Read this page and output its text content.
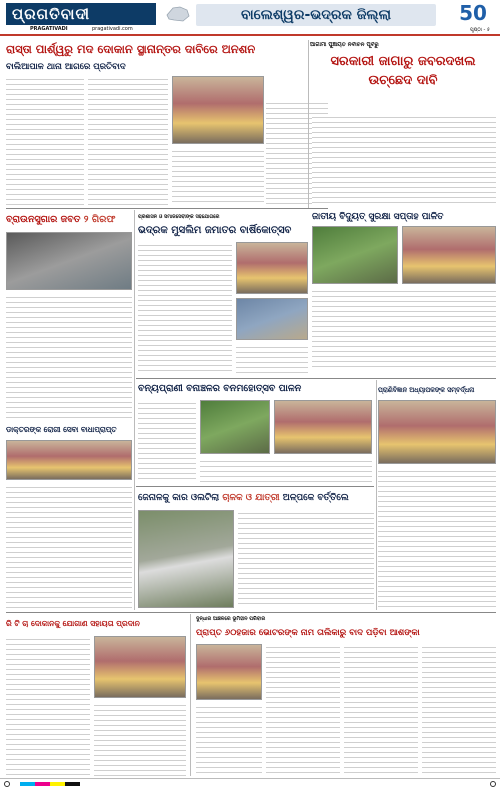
ପ୍ରଗତିବାଦୀ
PRAGATIVADI	pragativadi.com
ବାଲେଶ୍ୱର-ଭଦ୍ରକ ଜିଲ୍ଲା	50
ପୃଷ୍ଠା - ୫
ରାସ୍ତା ପାର୍ଶ୍ୱରୁ ମଦ ଦୋକାନ ସ୍ଥାନାନ୍ତର ଦାବିରେ ଅନଶନ
ବାଲିଆପାଳ ଥାନା ଆଗରେ ପ୍ରତିବାଦ
ଆଗାମୀ ପୁଞ୍ଚାୟତ ନିର୍ବାଚନ ପୂର୍ବରୁ
ସରକାରୀ ଜାଗାରୁ ଜବରଦଖଲ ଉଚ୍ଛେଦ ଦାବି
ଜାତୀୟ ବିଦ୍ୟୁତ୍ ସୁରକ୍ଷା ସପ୍ତାହ ପାଳିତ
ବ୍ରାଉନସୁଗାର ଜବତ ୨ ଗିରଫ	ପ୍ରଶାସନ ଓ ସମାଜସେବୀଙ୍କ ସହଯୋଗରେ
ଭଦ୍ରକ ମୁସଲିମ ଜମାତର ବାର୍ଷିକୋତ୍ସବ
ବନ୍ୟପ୍ରାଣୀ ବନାଞ୍ଚଳର ବନମହୋତ୍ସବ ପାଳନ	ପ୍ରାଣିବିଜ୍ଞାନ ଅଧ୍ୟାପକଙ୍କ ସମ୍ବର୍ଦ୍ଧନା
ଡାକ୍ତରଙ୍କ ରୋଗୀ ସେବା ବାଧାପ୍ରାପ୍ତ
ଜେନାଳକୁ କାର ଓଲଟିଲା ଚାଳକ ଓ ଯାତ୍ରୀ ଅଳ୍ପକେ ବର୍ତ୍ତିଲେ
ରି ଟି ଚା ଦୋକାନକୁ ଯୋଗାଣ ସହାୟତା ପ୍ରଦାନ	ଦୁନ୍ଧାର ଆଞ୍ଚଳରେ ଭୂମିହୀନ ପରିବାର
ପ୍ରାପ୍ତ ୬୦ହଜାର ଭୋଟରଙ୍କ ନାମ ତାଲିକାରୁ ବାଦ ପଡ଼ିବା ଆଶଙ୍କା
